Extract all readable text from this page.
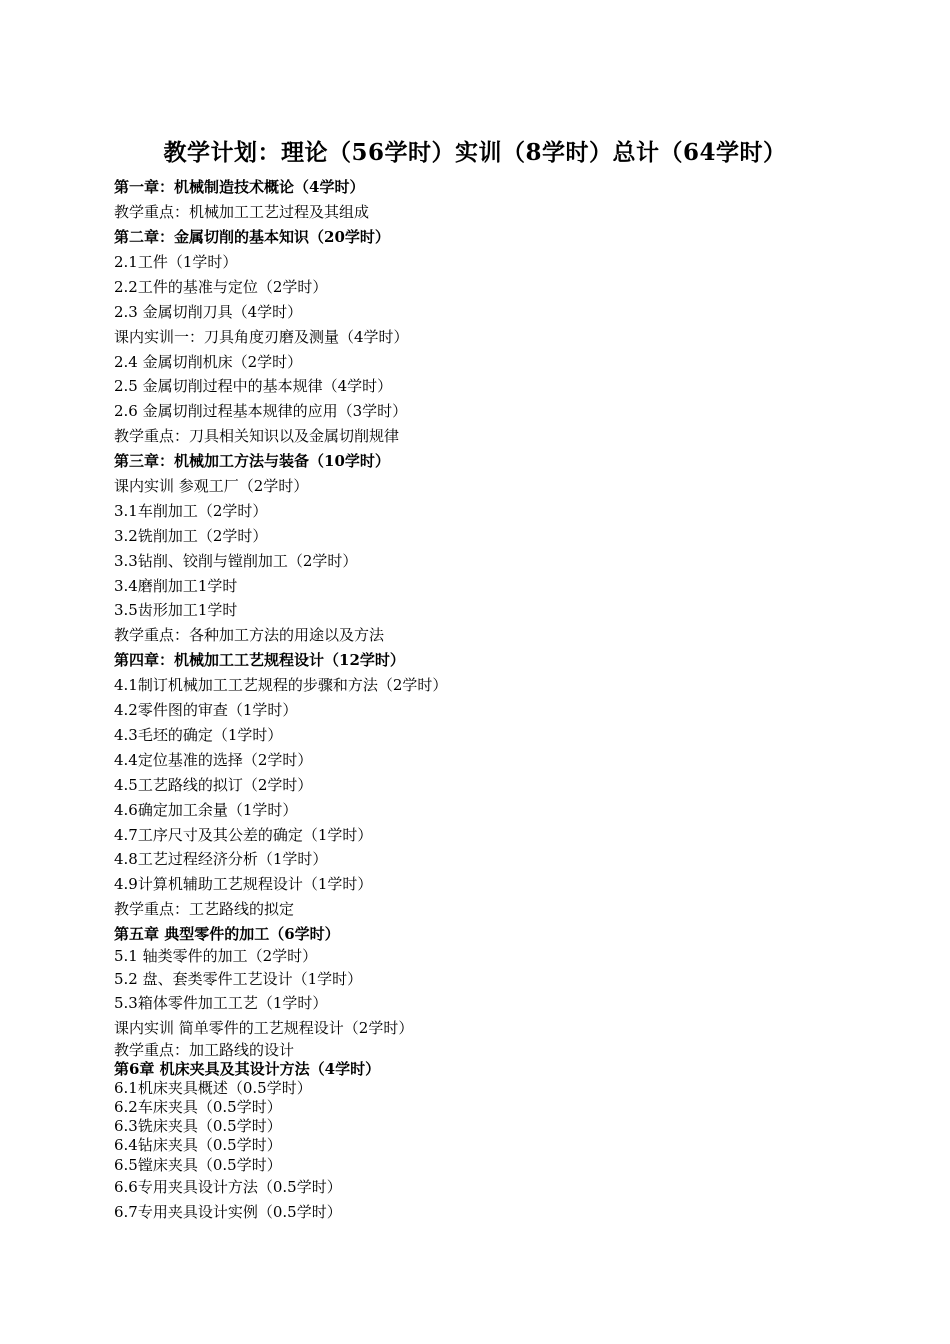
教学计划：理论（56学时）实训（8学时）总计（64学时）
第一章：机械制造技术概论（4学时）
教学重点：机械加工工艺过程及其组成
第二章：金属切削的基本知识（20学时）
2.1工件（1学时）
2.2工件的基准与定位（2学时）
2.3 金属切削刀具（4学时）
课内实训一：刀具角度刃磨及测量（4学时）
2.4 金属切削机床（2学时）
2.5 金属切削过程中的基本规律（4学时）
2.6 金属切削过程基本规律的应用（3学时）
教学重点：刀具相关知识以及金属切削规律
第三章：机械加工方法与装备（10学时）
课内实训 参观工厂（2学时）
3.1车削加工（2学时）
3.2铣削加工（2学时）
3.3钻削、铰削与镗削加工（2学时）
3.4磨削加工1学时
3.5齿形加工1学时
教学重点：各种加工方法的用途以及方法
第四章：机械加工工艺规程设计（12学时）
4.1制订机械加工工艺规程的步骤和方法（2学时）
4.2零件图的审查（1学时）
4.3毛坯的确定（1学时）
4.4定位基准的选择（2学时）
4.5工艺路线的拟订（2学时）
4.6确定加工余量（1学时）
4.7工序尺寸及其公差的确定（1学时）
4.8工艺过程经济分析（1学时）
4.9计算机辅助工艺规程设计（1学时）
教学重点：工艺路线的拟定
第五章 典型零件的加工（6学时）
5.1 轴类零件的加工（2学时）
5.2 盘、套类零件工艺设计（1学时）
5.3箱体零件加工工艺（1学时）
课内实训 简单零件的工艺规程设计（2学时）
教学重点：加工路线的设计
第6章 机床夹具及其设计方法（4学时）
6.1机床夹具概述（0.5学时）
6.2车床夹具（0.5学时）
6.3铣床夹具（0.5学时）
6.4钻床夹具（0.5学时）
6.5镗床夹具（0.5学时）
6.6专用夹具设计方法（0.5学时）
6.7专用夹具设计实例（0.5学时）
